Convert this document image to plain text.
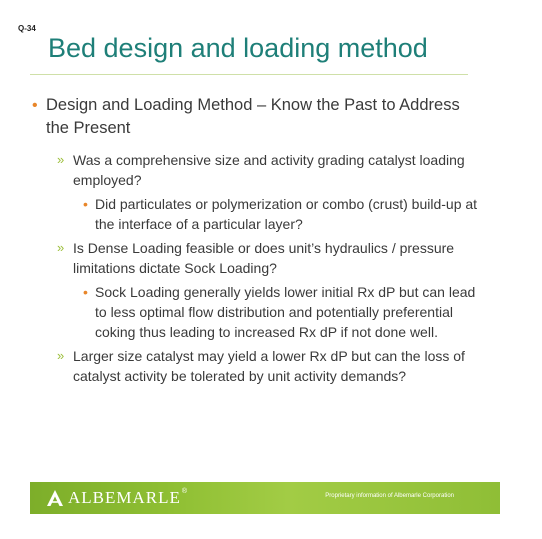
Q-34
Bed design and loading method
• Design and Loading Method – Know the Past to Address the Present
» Was a comprehensive size and activity grading catalyst loading employed?
• Did particulates or polymerization or combo (crust) build-up at the interface of a particular layer?
» Is Dense Loading feasible or does unit’s hydraulics / pressure limitations dictate Sock Loading?
• Sock Loading generally yields lower initial Rx dP but can lead to less optimal flow distribution and potentially preferential coking thus leading to increased Rx dP if not done well.
» Larger size catalyst may yield a lower Rx dP but can the loss of catalyst activity be tolerated by unit activity demands?
ALBEMARLE ®
Proprietary information of Albemarle Corporation
